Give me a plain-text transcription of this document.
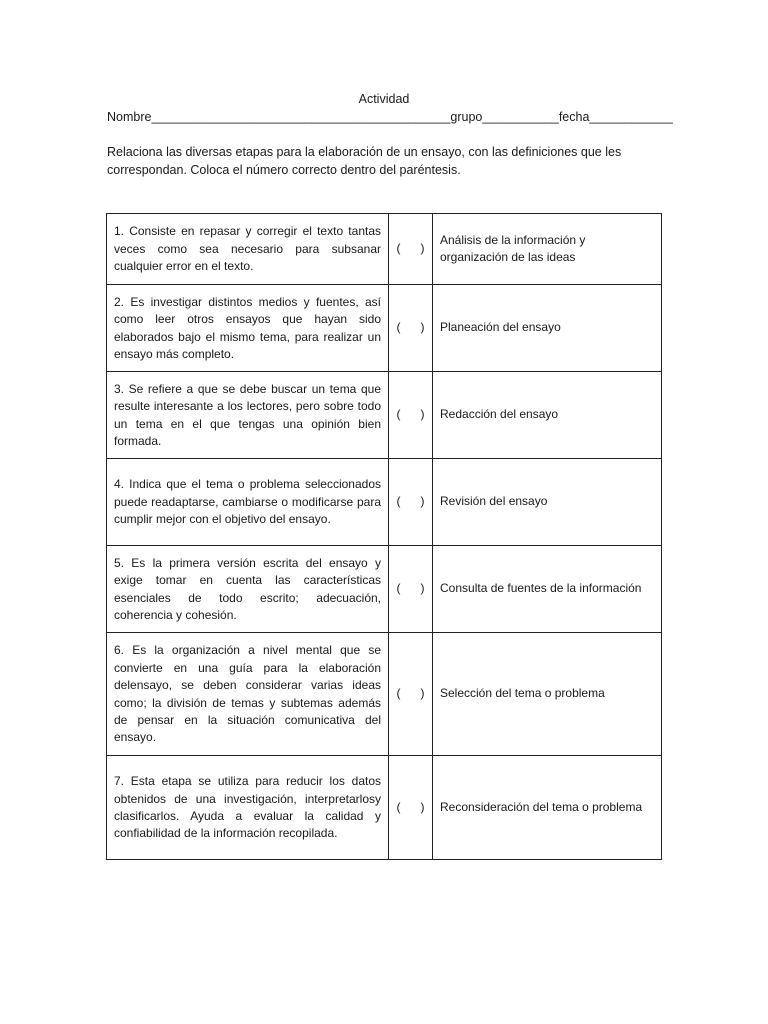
Actividad
Nombre___________________________________________grupo___________fecha____________
Relaciona las diversas etapas para la elaboración de un ensayo, con las definiciones que les correspondan. Coloca el número correcto dentro del paréntesis.
1. Consiste en repasar y corregir el texto tantas veces como sea necesario para subsanar cualquier error en el texto.	(      )	Análisis de la información y organización de las ideas

2. Es investigar distintos medios y fuentes, así como leer otros ensayos que hayan sido elaborados bajo el mismo tema, para realizar un ensayo más completo.	(      )	Planeación del ensayo

3. Se refiere a que se debe buscar un tema que resulte interesante a los lectores, pero sobre todo un tema en el que tengas una opinión bien formada.	(      )	Redacción del ensayo

4. Indica que el tema o problema seleccionados puede readaptarse, cambiarse o modificarse para cumplir mejor con el objetivo del ensayo.	(      )	Revisión del ensayo

5. Es la primera versión escrita del ensayo y exige tomar en cuenta las características esenciales de todo escrito; adecuación, coherencia y cohesión.	(      )	Consulta de fuentes de la información

6. Es la organización a nivel mental que se convierte en una guía para la elaboración delensayo, se deben considerar varias ideas como; la división de temas y subtemas además de pensar en la situación comunicativa del ensayo.	(      )	Selección del tema o problema

7. Esta etapa se utiliza para reducir los datos obtenidos de una investigación, interpretarlosy clasificarlos. Ayuda a evaluar la calidad y confiabilidad de la información recopilada.	(      )	Reconsideración del tema o problema
